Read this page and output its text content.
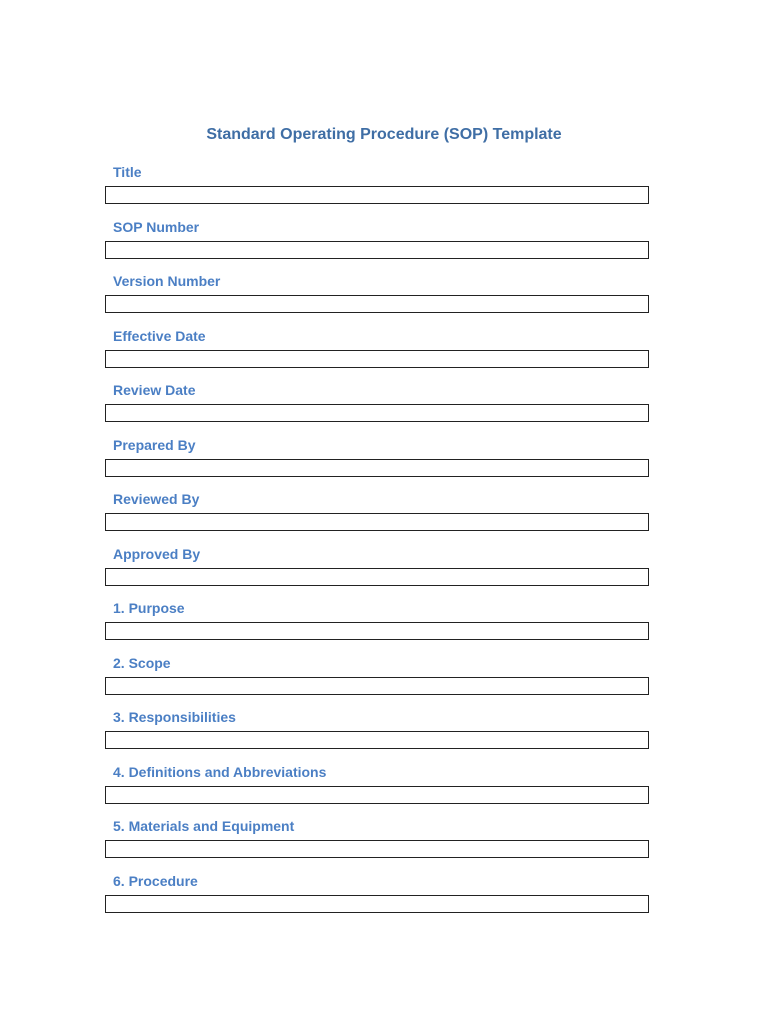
Standard Operating Procedure (SOP) Template
Title
SOP Number
Version Number
Effective Date
Review Date
Prepared By
Reviewed By
Approved By
1. Purpose
2. Scope
3. Responsibilities
4. Definitions and Abbreviations
5. Materials and Equipment
6. Procedure
